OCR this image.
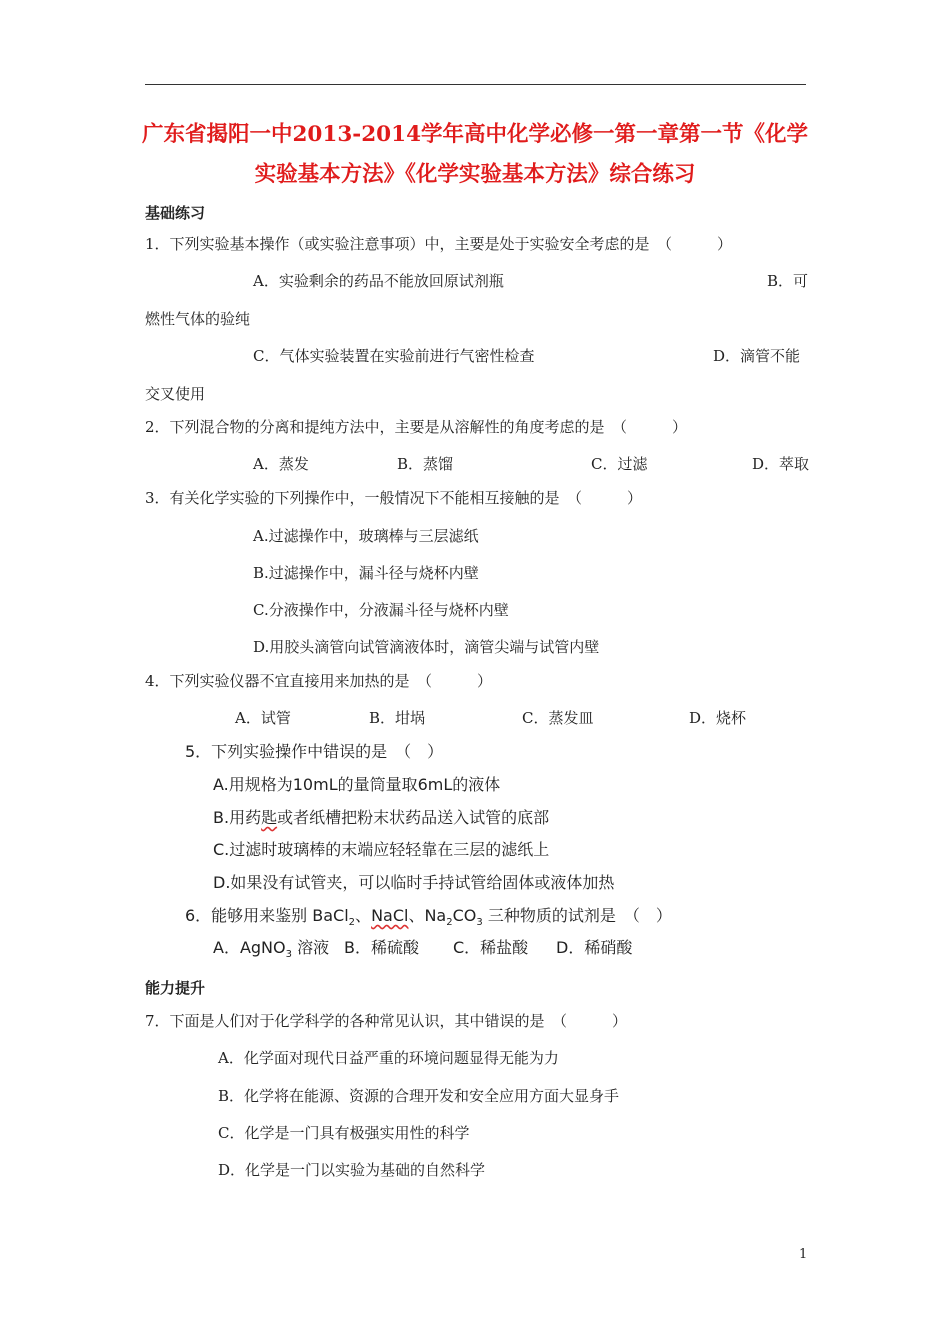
广东省揭阳一中2013-2014学年高中化学必修一第一章第一节《化学
实验基本方法》《化学实验基本方法》综合练习
基础练习
1．下列实验基本操作（或实验注意事项）中，主要是处于实验安全考虑的是　（　　　）
A．实验剩余的药品不能放回原试剂瓶	B．可
燃性气体的验纯
C．气体实验装置在实验前进行气密性检查	D．滴管不能
交叉使用
2．下列混合物的分离和提纯方法中，主要是从溶解性的角度考虑的是　（　　　）
A．蒸发	B．蒸馏	C．过滤	D．萃取
3．有关化学实验的下列操作中，一般情况下不能相互接触的是　（　　　）
A.过滤操作中，玻璃棒与三层滤纸
B.过滤操作中，漏斗径与烧杯内壁
C.分液操作中，分液漏斗径与烧杯内壁
D.用胶头滴管向试管滴液体时，滴管尖端与试管内壁
4．下列实验仪器不宜直接用来加热的是　（　　　）
A．试管	B．坩埚	C．蒸发皿	D．烧杯
5．下列实验操作中错误的是　（　）
A.用规格为10mL的量筒量取6mL的液体
B.用药匙或者纸槽把粉末状药品送入试管的底部
C.过滤时玻璃棒的末端应轻轻靠在三层的滤纸上
D.如果没有试管夹，可以临时手持试管给固体或液体加热
6．能够用来鉴别 BaCl$_2$、NaCl、$Na_2CO_3$ 三种物质的试剂是　（　）
A．AgNO$_3$ 溶液 B．稀硫酸 C．稀盐酸 D．稀硝酸
能力提升
7．下面是人们对于化学科学的各种常见认识，其中错误的是　（　　　）
A．化学面对现代日益严重的环境问题显得无能为力
B．化学将在能源、资源的合理开发和安全应用方面大显身手
C．化学是一门具有极强实用性的科学
D．化学是一门以实验为基础的自然科学
1
